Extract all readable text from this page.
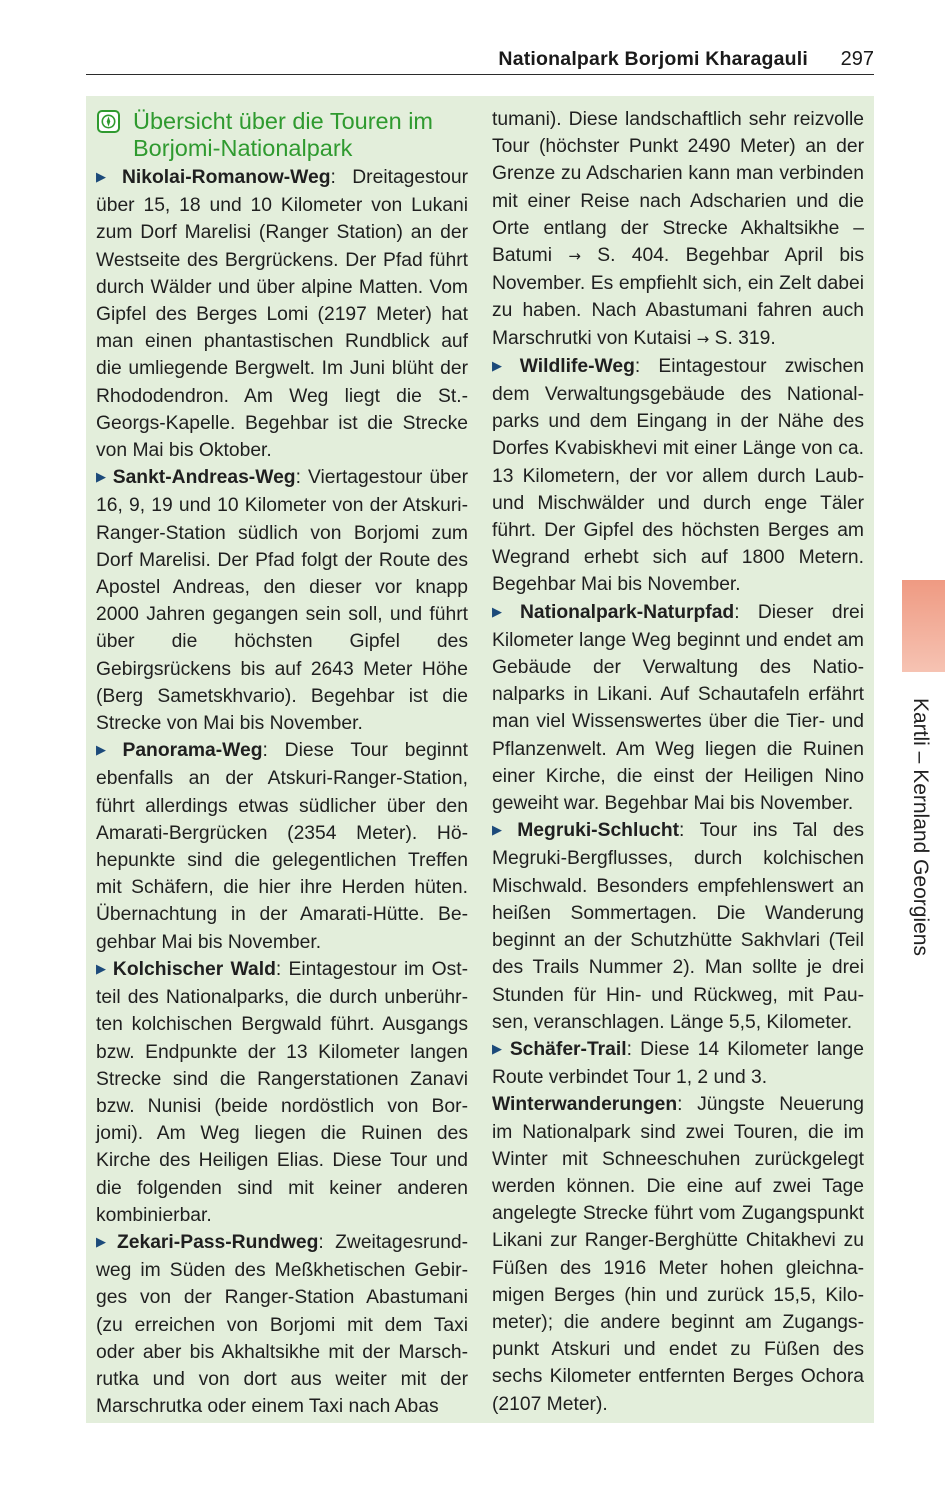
Nationalpark Borjomi Kharagauli 297
Übersicht über die Touren im Borjomi-Nationalpark

▶ Nikolai-Romanow-Weg: Dreitagestour über 15, 18 und 10 Kilometer von Lukani zum Dorf Marelisi (Ranger Station) an der Westseite des Bergrückens. Der Pfad führt durch Wälder und über alpine Matten. Vom Gipfel des Berges Lomi (2197 Meter) hat man einen phantastischen Rundblick auf die umliegende Bergwelt. Im Juni blüht der Rhododendron. Am Weg liegt die St.-Georgs-Kapelle. Begehbar ist die Strecke von Mai bis Oktober.

▶ Sankt-Andreas-Weg: Viertagestour über 16, 9, 19 und 10 Kilometer von der Atskuri-Ranger-Station südlich von Borjomi zum Dorf Marelisi. Der Pfad folgt der Route des Apostel Andreas, den dieser vor knapp 2000 Jahren gegangen sein soll, und führt über die höchsten Gipfel des Gebirgsrückens bis auf 2643 Meter Höhe (Berg Sametskhvario). Begehbar ist die Strecke von Mai bis November.

▶ Panorama-Weg: Diese Tour beginnt ebenfalls an der Atskuri-Ranger-Station, führt allerdings etwas südlicher über den Amarati-Bergrücken (2354 Meter). Höhepunkte sind die gelegentlichen Treffen mit Schäfern, die hier ihre Herden hüten. Übernachtung in der Amarati-Hütte. Begehbar Mai bis November.

▶ Kolchischer Wald: Eintagestour im Ostteil des Nationalparks, die durch unberührten kolchischen Bergwald führt. Ausgangs bzw. Endpunkte der 13 Kilometer langen Strecke sind die Rangerstationen Zanavi bzw. Nunisi (beide nordöstlich von Borjomi). Am Weg liegen die Ruinen des Kirche des Heiligen Elias. Diese Tour und die folgenden sind mit keiner anderen kombinierbar.

▶ Zekari-Pass-Rundweg: Zweitagesrundweg im Süden des Meßkhetischen Gebirges von der Ranger-Station Abastumani (zu erreichen von Borjomi mit dem Taxi oder aber bis Akhaltsikhe mit der Marschrutka und von dort aus weiter mit der Marschrutka oder einem Taxi nach Abas

tumani). Diese landschaftlich sehr reizvolle Tour (höchster Punkt 2490 Meter) an der Grenze zu Adscharien kann man verbinden mit einer Reise nach Adscharien und die Orte entlang der Strecke Akhaltsikhe – Batumi → S. 404. Begehbar April bis November. Es empfiehlt sich, ein Zelt dabei zu haben. Nach Abastumani fahren auch Marschrutki von Kutaisi → S. 319.

▶ Wildlife-Weg: Eintagestour zwischen dem Verwaltungsgebäude des Nationalparks und dem Eingang in der Nähe des Dorfes Kvabiskhevi mit einer Länge von ca. 13 Kilometern, der vor allem durch Laub- und Mischwälder und durch enge Täler führt. Der Gipfel des höchsten Berges am Wegrand erhebt sich auf 1800 Metern. Begehbar Mai bis November.

▶ Nationalpark-Naturpfad: Dieser drei Kilometer lange Weg beginnt und endet am Gebäude der Verwaltung des Nationalparks in Likani. Auf Schautafeln erfährt man viel Wissenswertes über die Tier- und Pflanzenwelt. Am Weg liegen die Ruinen einer Kirche, die einst der Heiligen Nino geweiht war. Begehbar Mai bis November.

▶ Megruki-Schlucht: Tour ins Tal des Megruki-Bergflusses, durch kolchischen Mischwald. Besonders empfehlenswert an heißen Sommertagen. Die Wanderung beginnt an der Schutzhütte Sakhvlari (Teil des Trails Nummer 2). Man sollte je drei Stunden für Hin- und Rückweg, mit Pausen, veranschlagen. Länge 5,5, Kilometer.

▶ Schäfer-Trail: Diese 14 Kilometer lange Route verbindet Tour 1, 2 und 3.

Winterwanderungen: Jüngste Neuerung im Nationalpark sind zwei Touren, die im Winter mit Schneeschuhen zurückgelegt werden können. Die eine auf zwei Tage angelegte Strecke führt vom Zugangspunkt Likani zur Ranger-Berghütte Chitakhevi zu Füßen des 1916 Meter hohen gleichnamigen Berges (hin und zurück 15,5, Kilometer); die andere beginnt am Zugangspunkt Atskuri und endet zu Füßen des sechs Kilometer entfernten Berges Ochora (2107 Meter).

Kartli – Kernland Georgiens
